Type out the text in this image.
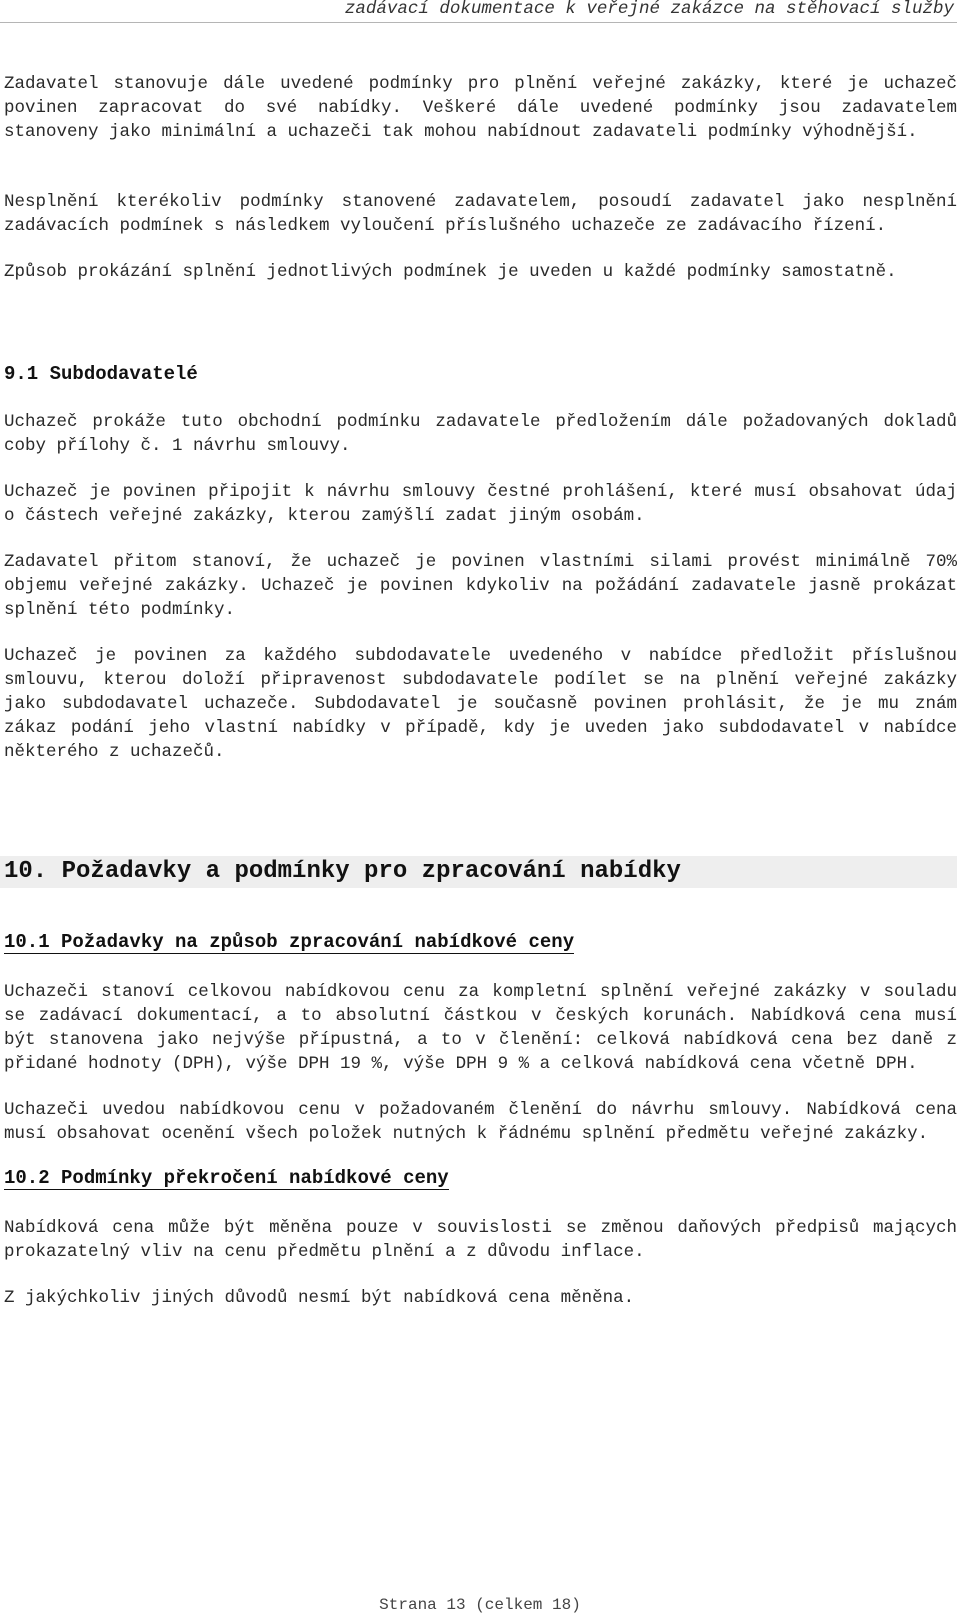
zadávací dokumentace k veřejné zakázce na stěhovací služby

Zadavatel stanovuje dále uvedené podmínky pro plnění veřejné zakázky, které je uchazeč povinen zapracovat do své nabídky. Veškeré dále uvedené podmínky jsou zadavatelem stanoveny jako minimální a uchazeči tak mohou nabídnout zadavateli podmínky výhodnější.

Nesplnění kterékoliv podmínky stanovené zadavatelem, posoudí zadavatel jako nesplnění zadávacích podmínek s následkem vyloučení příslušného uchazeče ze zadávacího řízení.

Způsob prokázání splnění jednotlivých podmínek je uveden u každé podmínky samostatně.

9.1 Subdodavatelé

Uchazeč prokáže tuto obchodní podmínku zadavatele předložením dále požadovaných dokladů coby přílohy č. 1 návrhu smlouvy.

Uchazeč je povinen připojit k návrhu smlouvy čestné prohlášení, které musí obsahovat údaj o částech veřejné zakázky, kterou zamýšlí zadat jiným osobám.

Zadavatel přitom stanoví, že uchazeč je povinen vlastními silami provést minimálně 70% objemu veřejné zakázky. Uchazeč je povinen kdykoliv na požádání zadavatele jasně prokázat splnění této podmínky.

Uchazeč je povinen za každého subdodavatele uvedeného v nabídce předložit příslušnou smlouvu, kterou doloží připravenost subdodavatele podílet se na plnění veřejné zakázky jako subdodavatel uchazeče. Subdodavatel je současně povinen prohlásit, že je mu znám zákaz podání jeho vlastní nabídky v případě, kdy je uveden jako subdodavatel v nabídce některého z uchazečů.

10. Požadavky a podmínky pro zpracování nabídky

10.1 Požadavky na způsob zpracování nabídkové ceny

Uchazeči stanoví celkovou nabídkovou cenu za kompletní splnění veřejné zakázky v souladu se zadávací dokumentací, a to absolutní částkou v českých korunách. Nabídková cena musí být stanovena jako nejvýše přípustná, a to v členění: celková nabídková cena bez daně z přidané hodnoty (DPH), výše DPH 19 %, výše DPH 9 % a celková nabídková cena včetně DPH.

Uchazeči uvedou nabídkovou cenu v požadovaném členění do návrhu smlouvy. Nabídková cena musí obsahovat ocenění všech položek nutných k řádnému splnění předmětu veřejné zakázky.

10.2 Podmínky překročení nabídkové ceny

Nabídková cena může být měněna pouze v souvislosti se změnou daňových předpisů mających prokazatelný vliv na cenu předmětu plnění a z důvodu inflace.

Z jakýchkoliv jiných důvodů nesmí být nabídková cena měněna.

Strana 13 (celkem 18)
